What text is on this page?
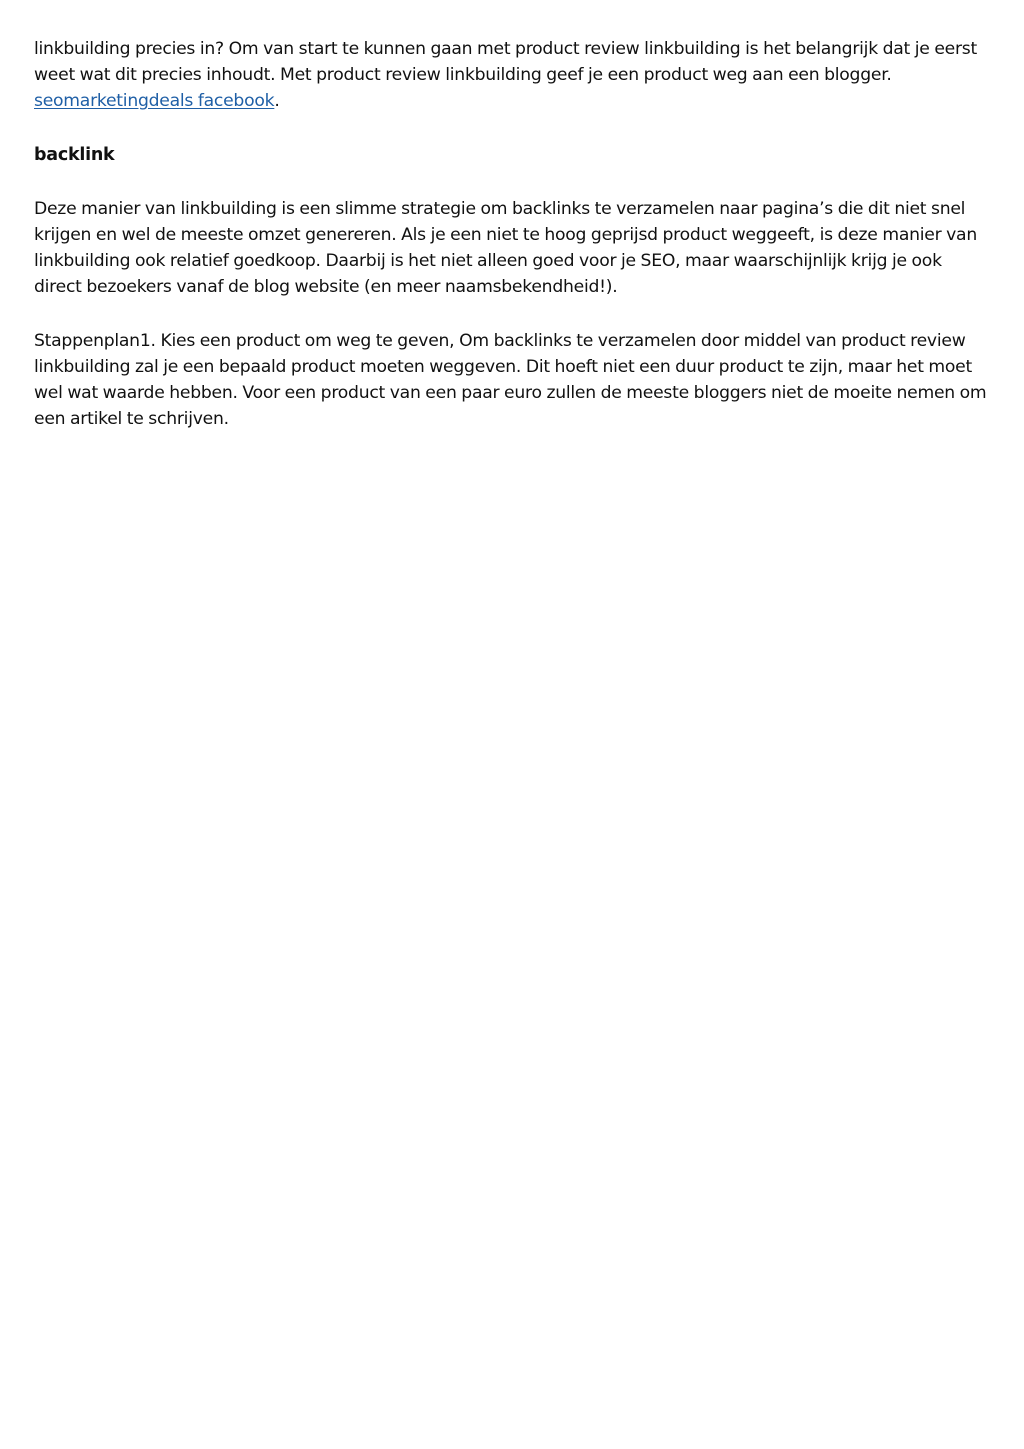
linkbuilding precies in? Om van start te kunnen gaan met product review linkbuilding is het belangrijk dat je eerst weet wat dit precies inhoudt. Met product review linkbuilding geef je een product weg aan een blogger. seomarketingdeals facebook.

backlink

Deze manier van linkbuilding is een slimme strategie om backlinks te verzamelen naar pagina’s die dit niet snel krijgen en wel de meeste omzet genereren. Als je een niet te hoog geprijsd product weggeeft, is deze manier van linkbuilding ook relatief goedkoop. Daarbij is het niet alleen goed voor je SEO, maar waarschijnlijk krijg je ook direct bezoekers vanaf de blog website (en meer naamsbekendheid!).

Stappenplan1. Kies een product om weg te geven, Om backlinks te verzamelen door middel van product review linkbuilding zal je een bepaald product moeten weggeven. Dit hoeft niet een duur product te zijn, maar het moet wel wat waarde hebben. Voor een product van een paar euro zullen de meeste bloggers niet de moeite nemen om een artikel te schrijven.
